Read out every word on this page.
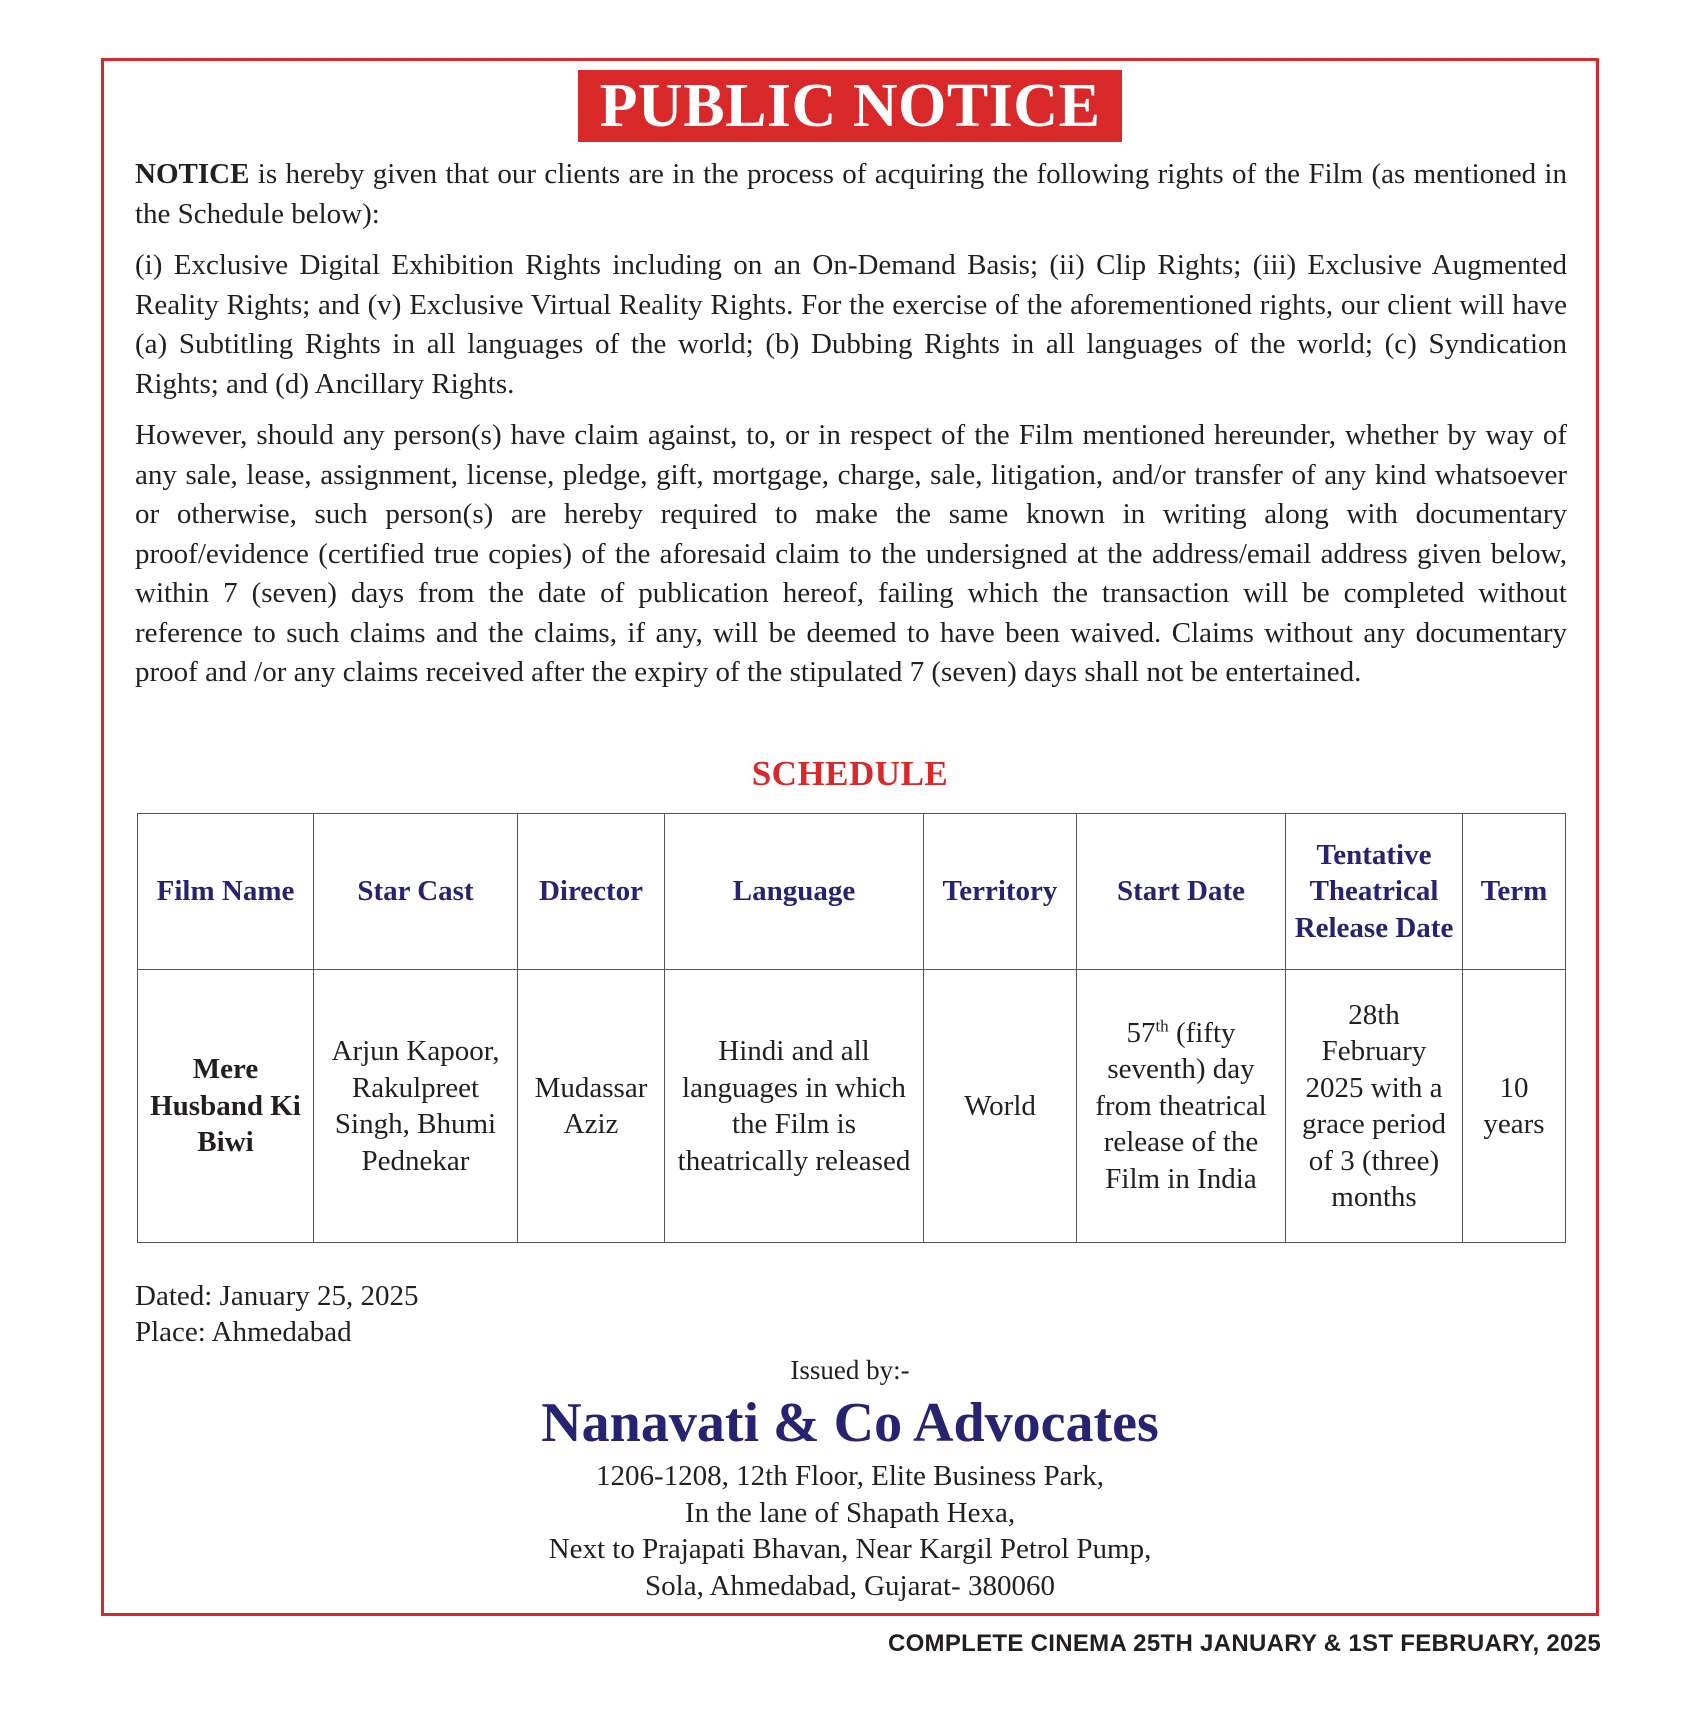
PUBLIC NOTICE

NOTICE is hereby given that our clients are in the process of acquiring the following rights of the Film (as mentioned in the Schedule below):

(i) Exclusive Digital Exhibition Rights including on an On-Demand Basis; (ii) Clip Rights; (iii) Exclusive Augmented Reality Rights; and (v) Exclusive Virtual Reality Rights. For the exercise of the aforementioned rights, our client will have (a) Subtitling Rights in all languages of the world; (b) Dubbing Rights in all languages of the world; (c) Syndication Rights; and (d) Ancillary Rights.

However, should any person(s) have claim against, to, or in respect of the Film mentioned hereunder, whether by way of any sale, lease, assignment, license, pledge, gift, mortgage, charge, sale, litigation, and/or transfer of any kind whatsoever or otherwise, such person(s) are hereby required to make the same known in writing along with documentary proof/evidence (certified true copies) of the aforesaid claim to the undersigned at the address/email address given below, within 7 (seven) days from the date of publication hereof, failing which the transaction will be completed without reference to such claims and the claims, if any, will be deemed to have been waived. Claims without any documentary proof and /or any claims received after the expiry of the stipulated 7 (seven) days shall not be entertained.

SCHEDULE
Film Name	Star Cast	Director	Language	Territory	Start Date	Tentative Theatrical Release Date	Term
Mere Husband Ki Biwi	Arjun Kapoor, Rakulpreet Singh, Bhumi Pednekar	Mudassar Aziz	Hindi and all languages in which the Film is theatrically released	World	57th (fifty seventh) day from theatrical release of the Film in India	28th February 2025 with a grace period of 3 (three) months	10 years
Dated: January 25, 2025
Place: Ahmedabad
Issued by:-
Nanavati & Co Advocates
1206-1208, 12th Floor, Elite Business Park,
In the lane of Shapath Hexa,
Next to Prajapati Bhavan, Near Kargil Petrol Pump,
Sola, Ahmedabad, Gujarat- 380060
COMPLETE CINEMA 25TH JANUARY & 1ST FEBRUARY, 2025
